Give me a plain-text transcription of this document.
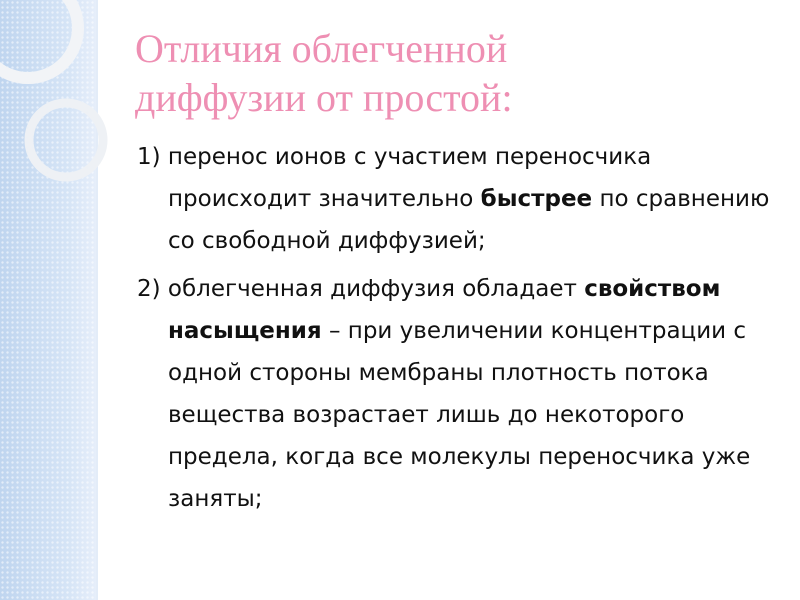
Отличия облегченной
диффузии от простой:
1) перенос ионов с участием переносчика происходит значительно быстрее по сравнению со свободной диффузией;
2) облегченная диффузия обладает свойством насыщения – при увеличении концентрации с одной стороны мембраны плотность потока вещества возрастает лишь до некоторого предела, когда все молекулы переносчика уже заняты;
